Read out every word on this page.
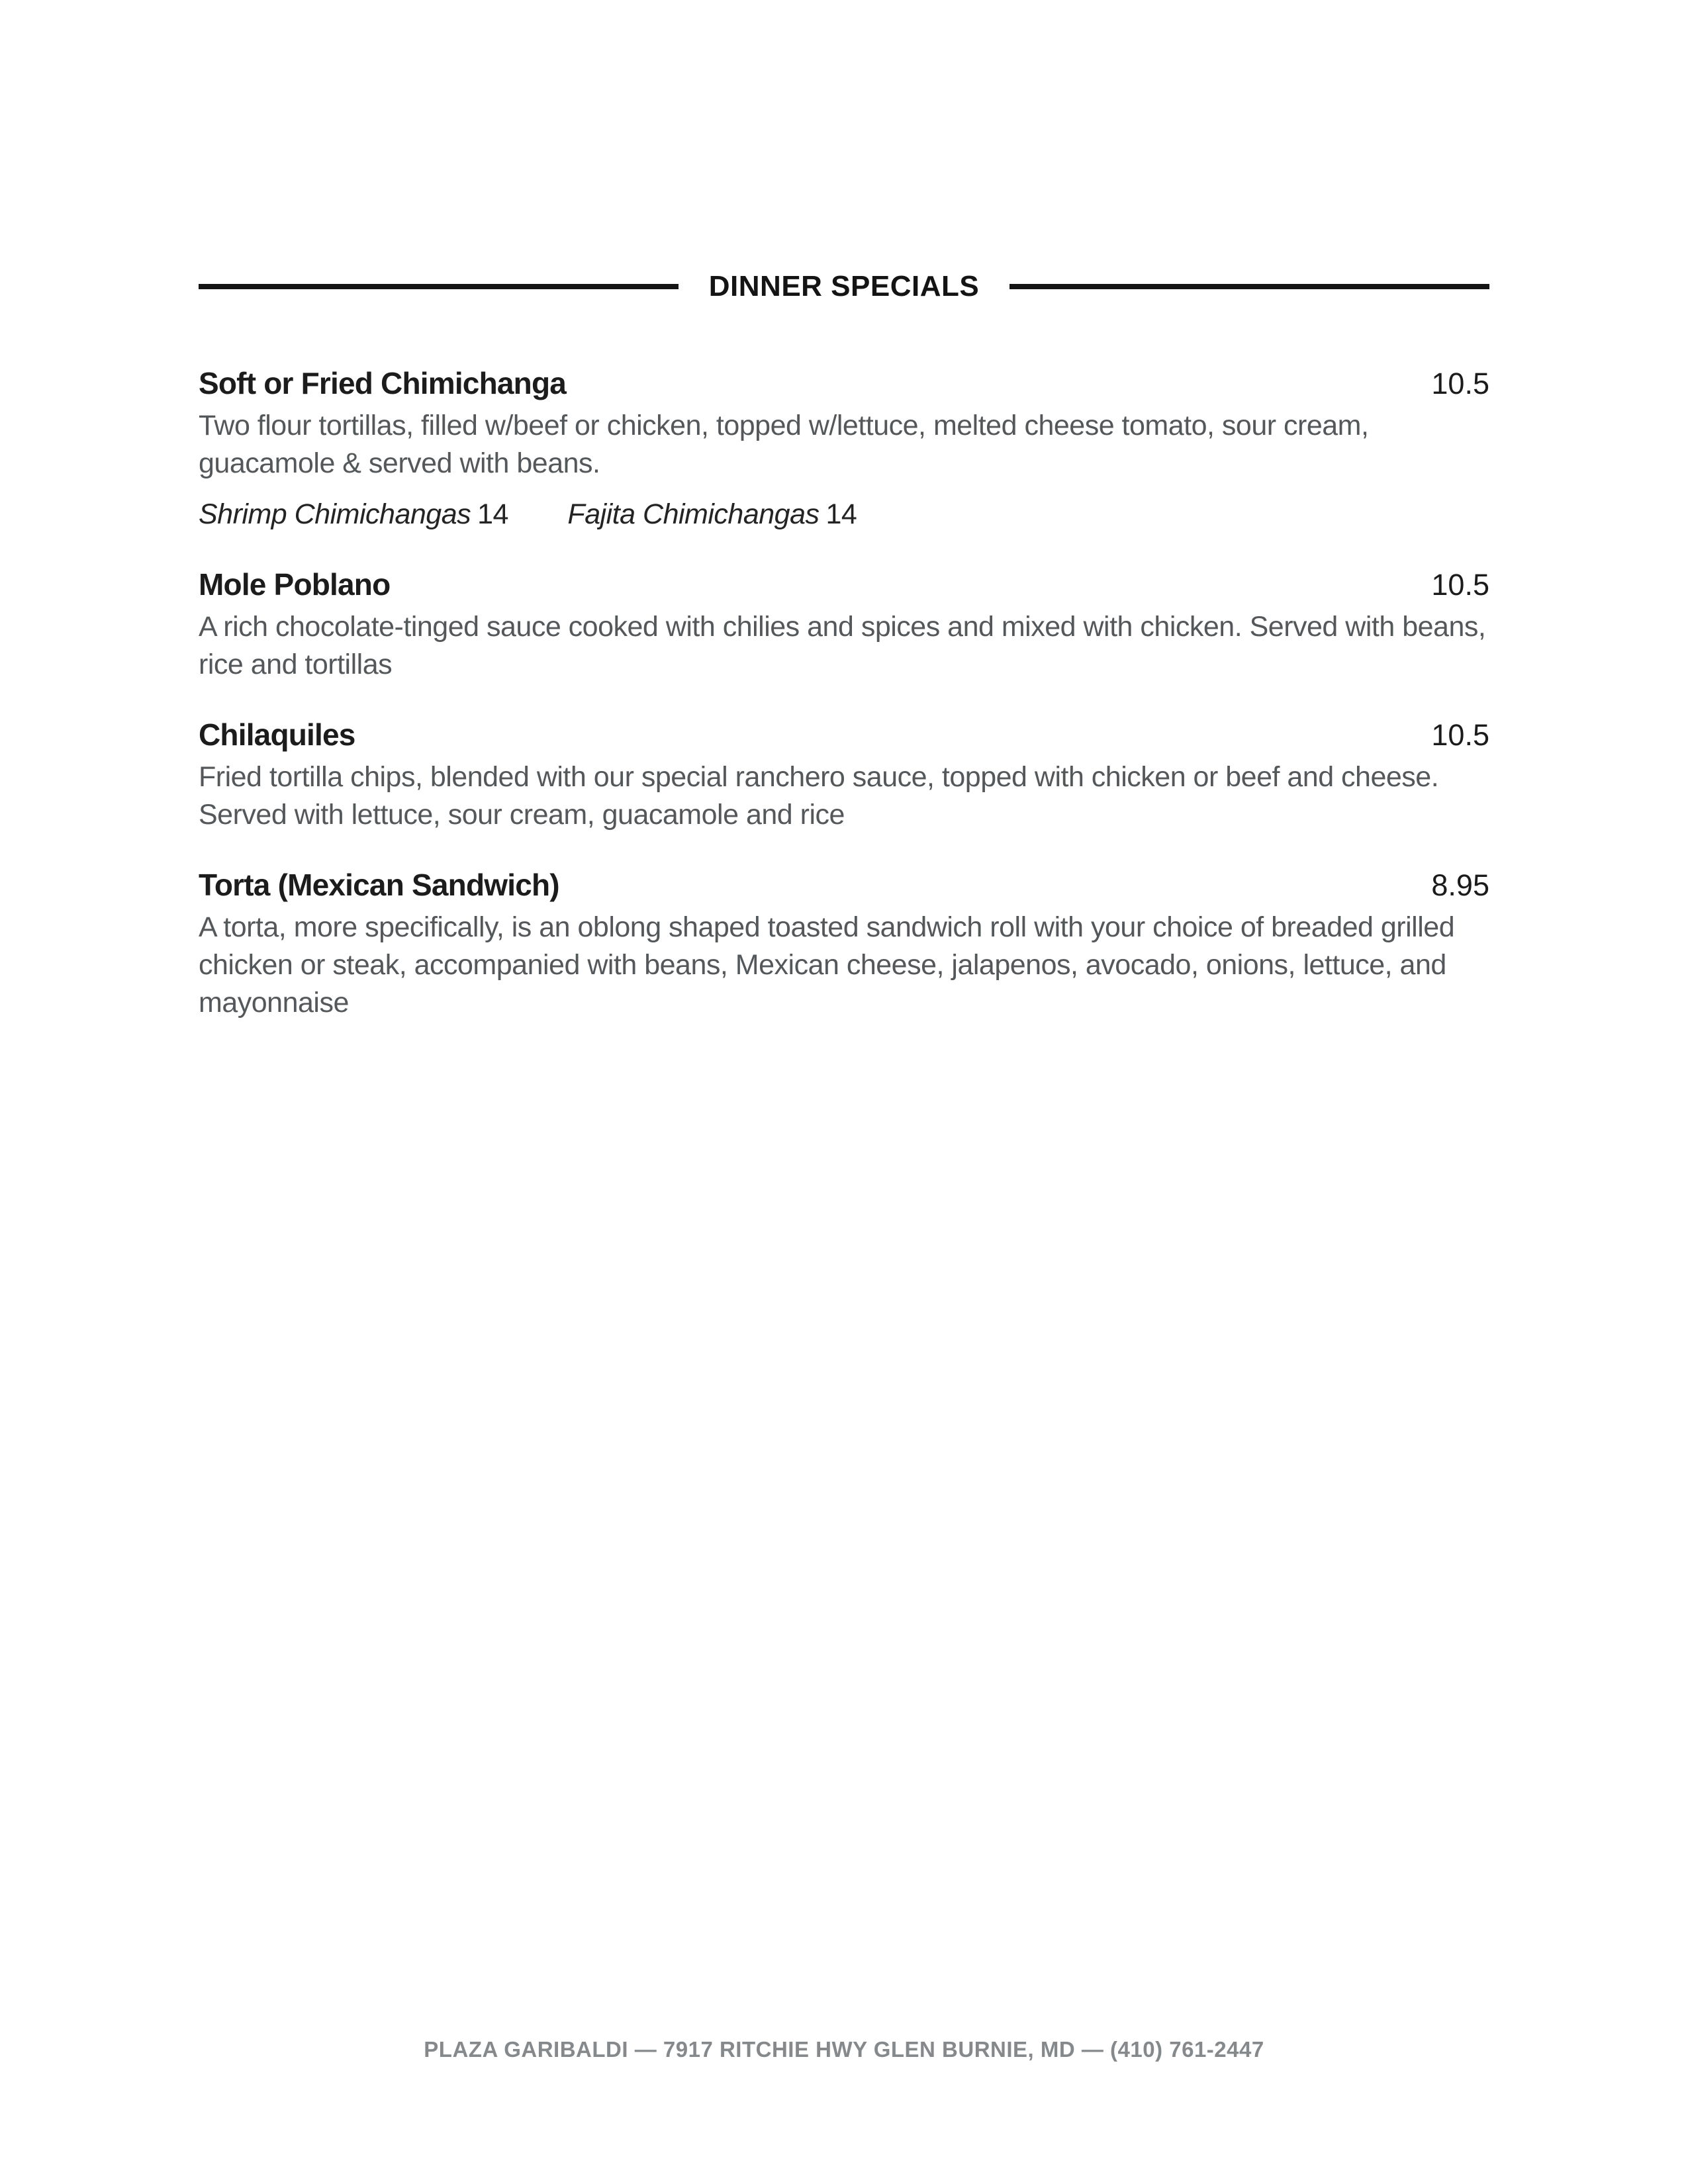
DINNER SPECIALS
Soft or Fried Chimichanga	10.5
Two flour tortillas, filled w/beef or chicken, topped w/lettuce, melted cheese tomato, sour cream, guacamole & served with beans.
Shrimp Chimichangas 14 Fajita Chimichangas 14
Mole Poblano	10.5
A rich chocolate-tinged sauce cooked with chilies and spices and mixed with chicken. Served with beans, rice and tortillas
Chilaquiles	10.5
Fried tortilla chips, blended with our special ranchero sauce, topped with chicken or beef and cheese. Served with lettuce, sour cream, guacamole and rice
Torta (Mexican Sandwich)	8.95
A torta, more specifically, is an oblong shaped toasted sandwich roll with your choice of breaded grilled chicken or steak, accompanied with beans, Mexican cheese, jalapenos, avocado, onions, lettuce, and mayonnaise
PLAZA GARIBALDI — 7917 RITCHIE HWY GLEN BURNIE, MD — (410) 761-2447
